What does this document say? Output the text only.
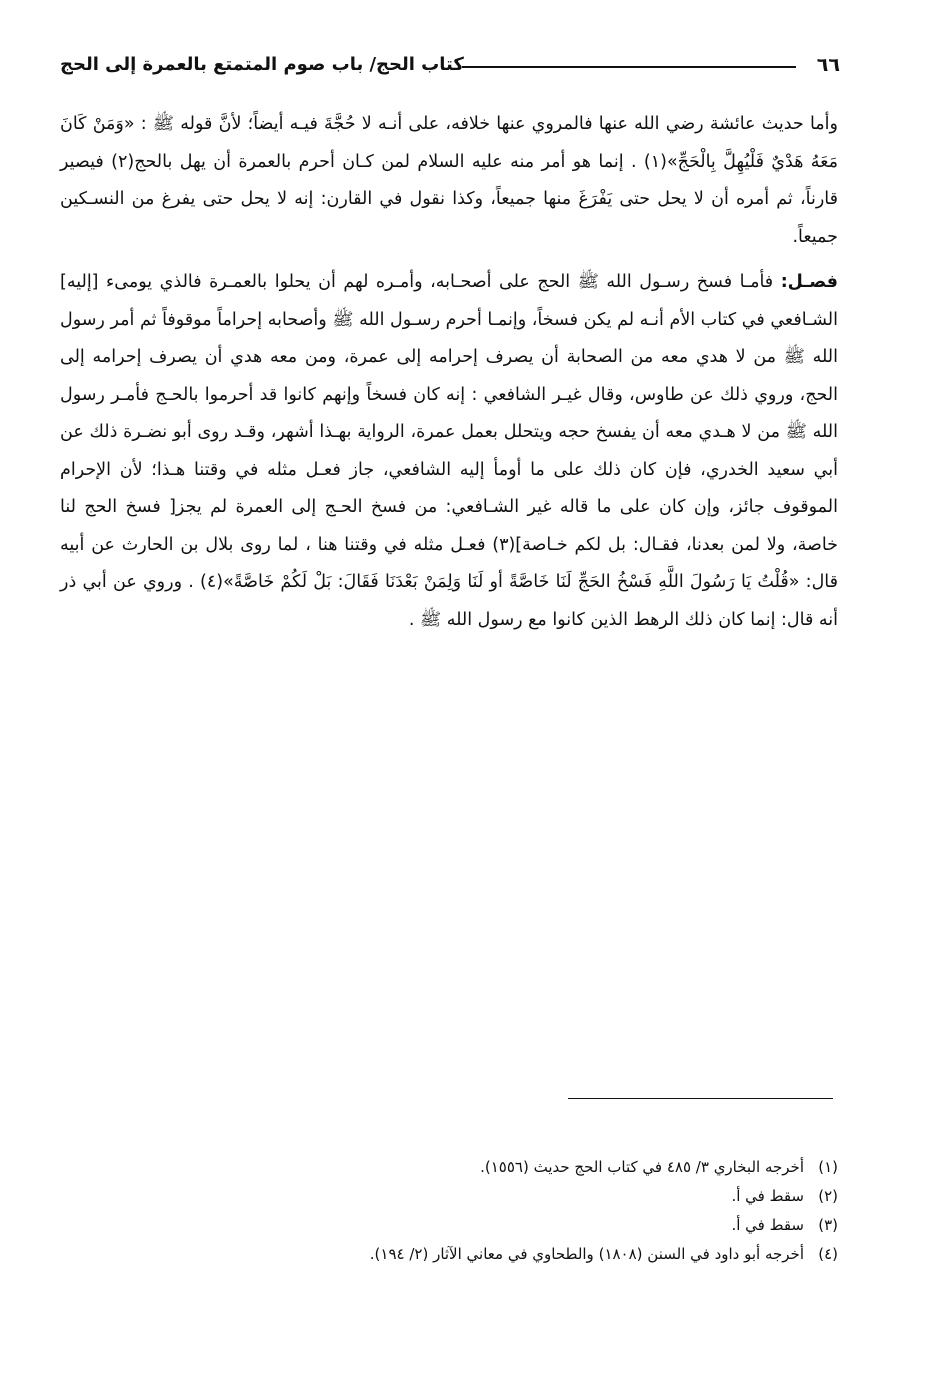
٦٦
كتاب الحج/ باب صوم المتمتع بالعمرة إلى الحج

وأما حديث عائشة رضي الله عنها فالمروي عنها خلافه، على أنـه لا حُجَّةَ فيـه أيضاً؛ لأنَّ قوله ﷺ : «وَمَنْ كَانَ مَعَهُ هَدْيٌ فَلْيُهِلَّ بِالْحَجِّ»(١) . إنما هو أمر منه عليه السلام لمن كـان أحرم بالعمرة أن يهل بالحج(٢) فيصير قارناً، ثم أمره أن لا يحل حتى يَفْرَغَ منها جميعاً، وكذا نقول في القارن: إنه لا يحل حتى يفرغ من النسـكين جميعاً.

فصـل: فأمـا فسخ رسـول الله ﷺ الحج على أصحـابه، وأمـره لهم أن يحلوا بالعمـرة فالذي يومىء [إليه] الشـافعي في كتاب الأم أنـه لم يكن فسخاً، وإنمـا أحرم رسـول الله ﷺ وأصحابه إحراماً موقوفاً ثم أمر رسول الله ﷺ من لا هدي معه من الصحابة أن يصرف إحرامه إلى عمرة، ومن معه هدي أن يصرف إحرامه إلى الحج، وروي ذلك عن طاوس، وقال غيـر الشافعي : إنه كان فسخاً وإنهم كانوا قد أحرموا بالحـج فأمـر رسول الله ﷺ من لا هـدي معه أن يفسخ حجه ويتحلل بعمل عمرة، الرواية بهـذا أشهر، وقـد روى أبو نضـرة ذلك عن أبي سعيد الخدري، فإن كان ذلك على ما أومأ إليه الشافعي، جاز فعـل مثله في وقتنا هـذا؛ لأن الإحرام الموقوف جائز، وإن كان على ما قاله غير الشـافعي: من فسخ الحـج إلى العمرة لم يجز[ فسخ الحج لنا خاصة، ولا لمن بعدنا، فقـال: بل لكم خـاصة](٣) فعـل مثله في وقتنا هنا ، لما روى بلال بن الحارث عن أبيه قال: «قُلْتُ يَا رَسُولَ اللَّهِ فَسْخُ الحَجِّ لَنَا خَاصَّةً أو لَنَا وَلِمَنْ بَعْدَنَا فَقَالَ: بَلْ لَكُمْ خَاصَّةً»(٤) . وروي عن أبي ذر أنه قال: إنما كان ذلك الرهط الذين كانوا مع رسول الله ﷺ .

(١)
أخرجه البخاري ٣/ ٤٨٥ في كتاب الحج حديث (١٥٥٦).
(٢)
سقط في أ.
(٣)
سقط في أ.
(٤)
أخرجه أبو داود في السنن (١٨٠٨) والطحاوي في معاني الآثار (٢/ ١٩٤).
